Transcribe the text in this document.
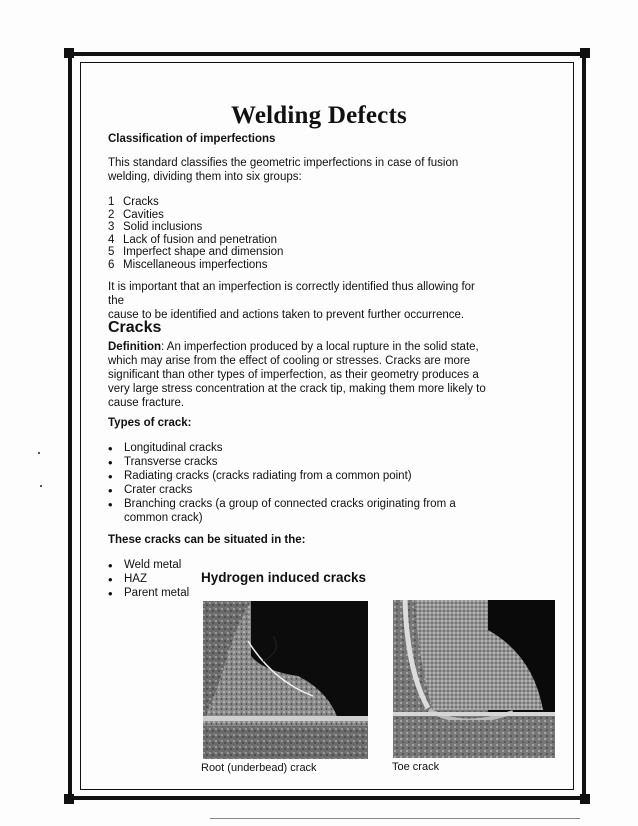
Welding Defects
Classification of imperfections
This standard classifies the geometric imperfections in case of fusion
welding, dividing them into six groups:
1 Cracks
2 Cavities
3 Solid inclusions
4 Lack of fusion and penetration
5 Imperfect shape and dimension
6 Miscellaneous imperfections
It is important that an imperfection is correctly identified thus allowing for the
cause to be identified and actions taken to prevent further occurrence.
Cracks
Definition: An imperfection produced by a local rupture in the solid state,
which may arise from the effect of cooling or stresses. Cracks are more
significant than other types of imperfection, as their geometry produces a
very large stress concentration at the crack tip, making them more likely to
cause fracture.
Types of crack:
• Longitudinal cracks
• Transverse cracks
• Radiating cracks (cracks radiating from a common point)
• Crater cracks
• Branching cracks (a group of connected cracks originating from a
common crack)
These cracks can be situated in the:
• Weld metal
• HAZ
• Parent metal
Hydrogen induced cracks
Root (underbead) crack	Toe crack
